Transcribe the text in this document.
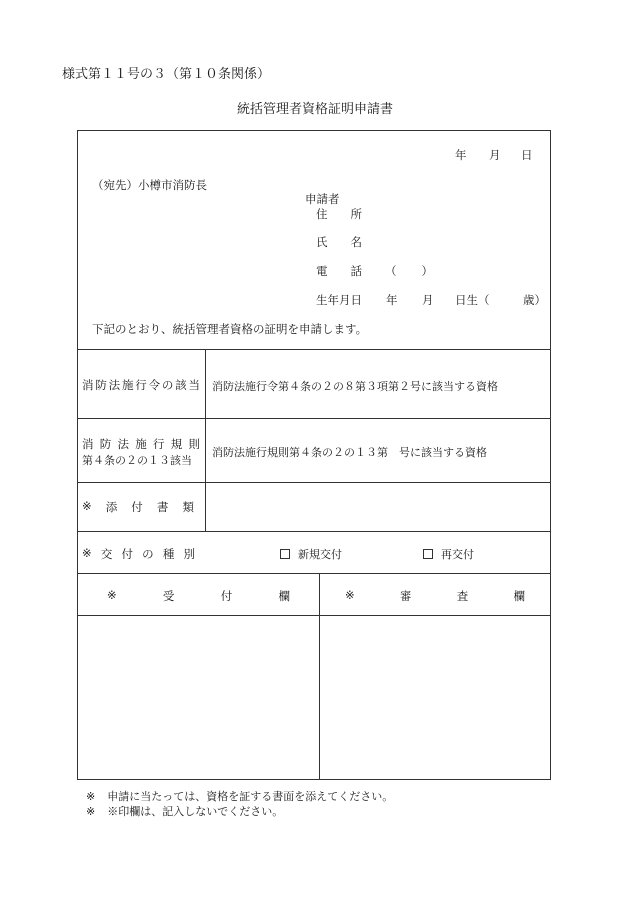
様式第１１号の３（第１０条関係）
統括管理者資格証明申請書
年 月 日
（宛先）小樽市消防長
申請者
住 所
氏 名
電 話 （ ）
生年月日 年 月 日生（	歳）
下記のとおり、統括管理者資格の証明を申請します。
消 防 法 施 行 令 の 該 当 消防法施行令第４条の２の８第３項第２号に該当する資格
消 防 法 施 行 規 則
第４条の２の１３該当
消防法施行規則第４条の２の１３第　号に該当する資格
※ 添 付 書 類
※ 交 付 の 種 別	新規交付	再交付
※	受	付	欄	※	審	査	欄
※ 申請に当たっては、資格を証する書面を添えてください。
※ ※印欄は、記入しないでください。
